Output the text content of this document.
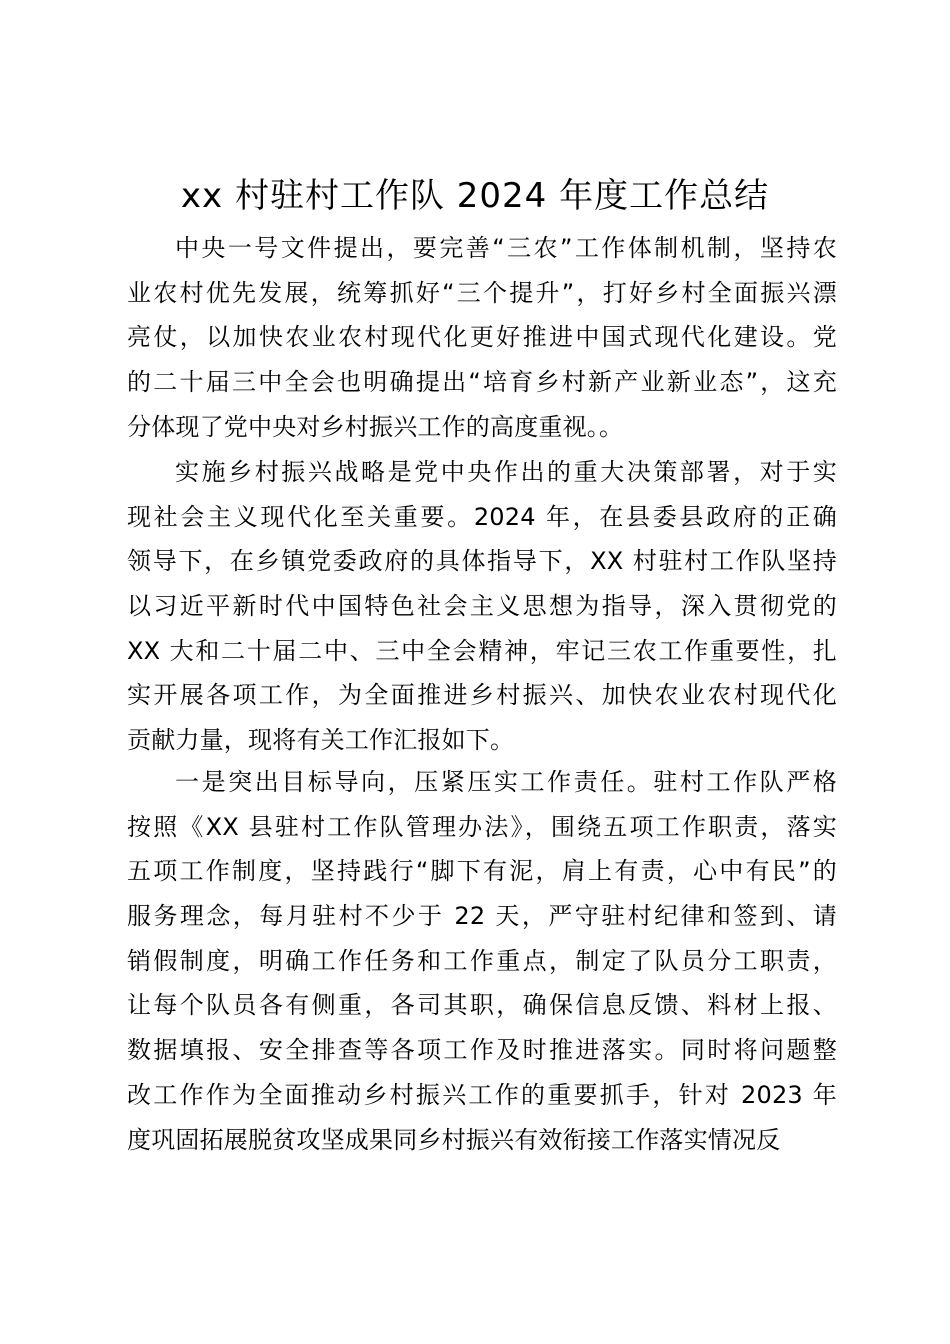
xx 村驻村工作队 2024 年度工作总结
中央一号文件提出，要完善“三农”工作体制机制，坚持农
业农村优先发展，统筹抓好“三个提升”，打好乡村全面振兴漂
亮仗，以加快农业农村现代化更好推进中国式现代化建设。党
的二十届三中全会也明确提出“培育乡村新产业新业态”，这充
分体现了党中央对乡村振兴工作的高度重视。。
实施乡村振兴战略是党中央作出的重大决策部署，对于实
现社会主义现代化至关重要。2024 年，在县委县政府的正确
领导下，在乡镇党委政府的具体指导下，XX 村驻村工作队坚持
以习近平新时代中国特色社会主义思想为指导，深入贯彻党的
XX 大和二十届二中、三中全会精神，牢记三农工作重要性，扎
实开展各项工作，为全面推进乡村振兴、加快农业农村现代化
贡献力量，现将有关工作汇报如下。
一是突出目标导向，压紧压实工作责任。驻村工作队严格
按照《XX 县驻村工作队管理办法》，围绕五项工作职责，落实
五项工作制度，坚持践行“脚下有泥，肩上有责，心中有民”的
服务理念，每月驻村不少于 22 天，严守驻村纪律和签到、请
销假制度，明确工作任务和工作重点，制定了队员分工职责，
让每个队员各有侧重，各司其职，确保信息反馈、料材上报、
数据填报、安全排查等各项工作及时推进落实。同时将问题整
改工作作为全面推动乡村振兴工作的重要抓手，针对 2023 年
度巩固拓展脱贫攻坚成果同乡村振兴有效衔接工作落实情况反
